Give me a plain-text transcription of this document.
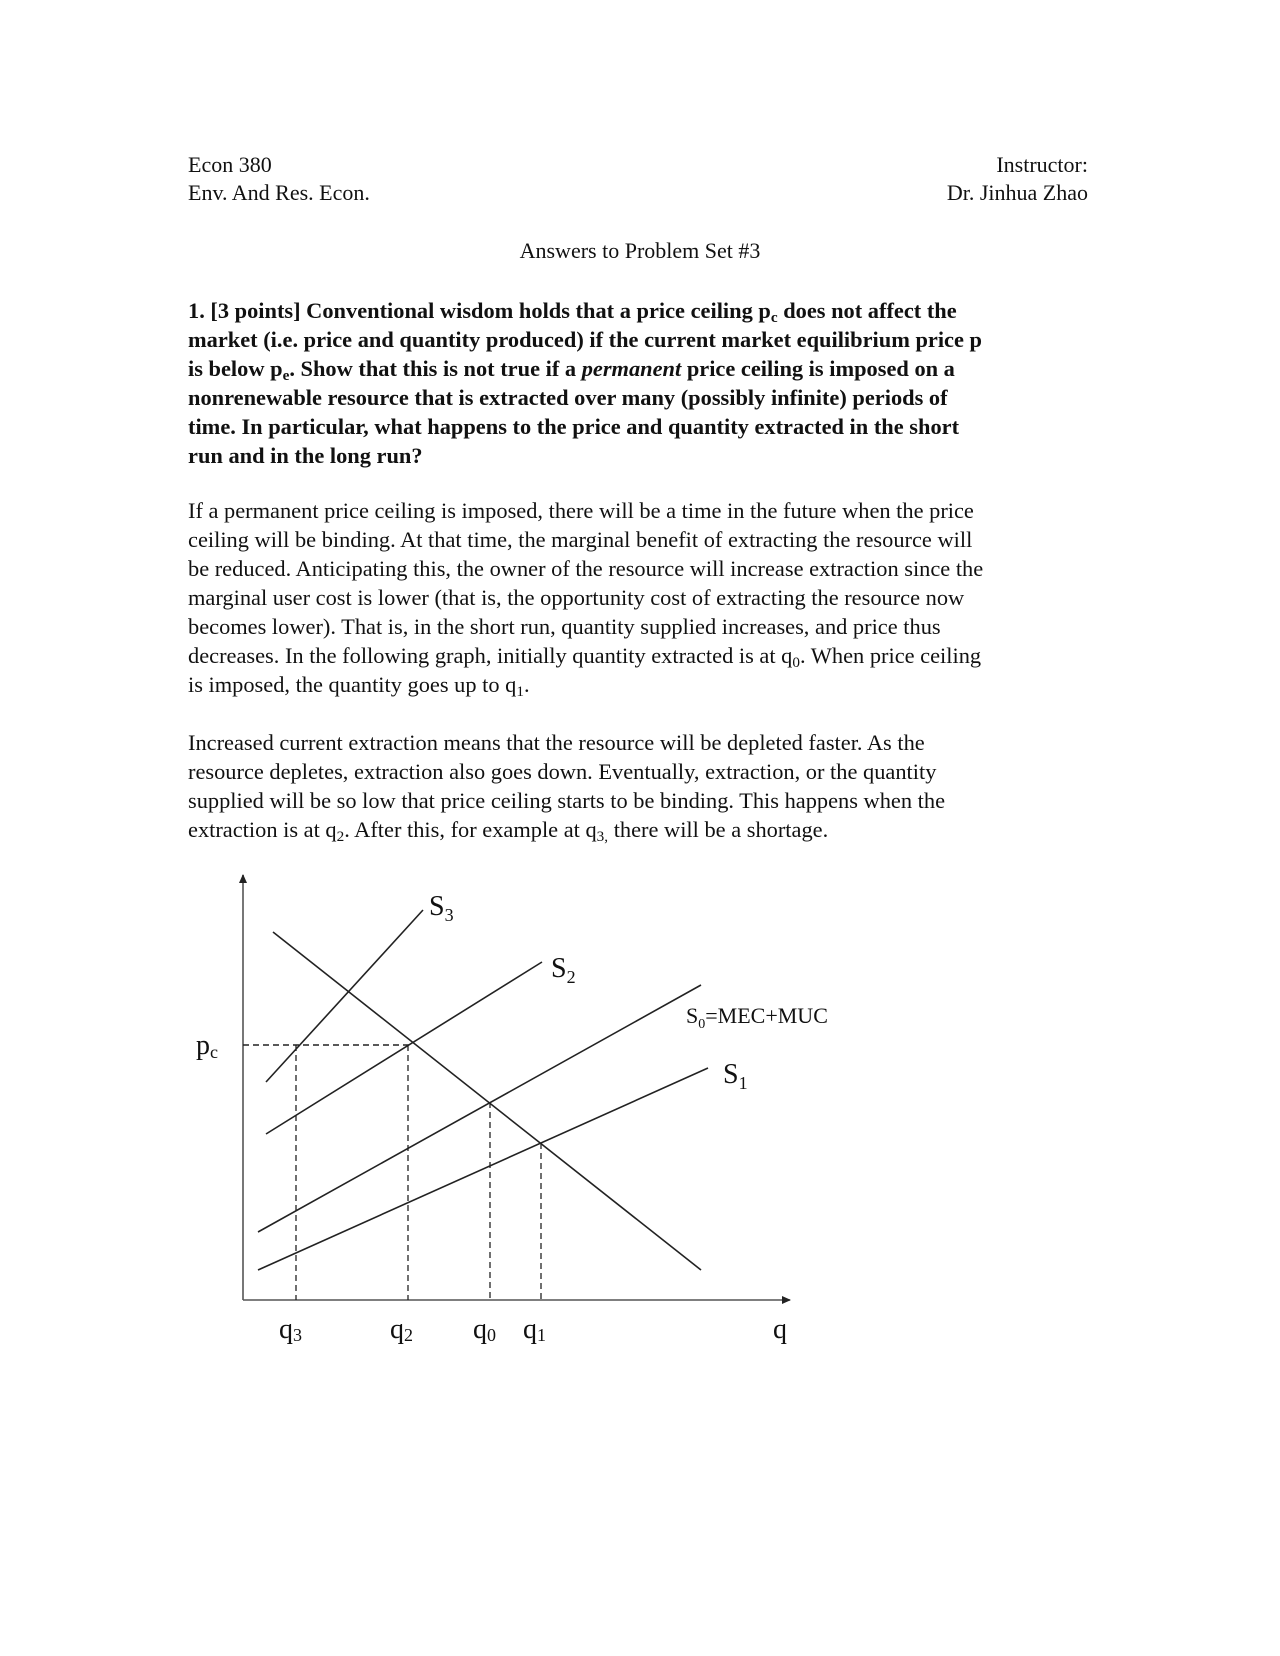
Econ 380
Env. And Res. Econ.
Instructor:
Dr. Jinhua Zhao
Answers to Problem Set #3
1. [3 points] Conventional wisdom holds that a price ceiling $p_c$ does not affect the
market (i.e. price and quantity produced) if the current market equilibrium price p
is below $p_e$. Show that this is not true if a permanent price ceiling is imposed on a
nonrenewable resource that is extracted over many (possibly infinite) periods of
time. In particular, what happens to the price and quantity extracted in the short
run and in the long run?
If a permanent price ceiling is imposed, there will be a time in the future when the price
ceiling will be binding. At that time, the marginal benefit of extracting the resource will
be reduced. Anticipating this, the owner of the resource will increase extraction since the
marginal user cost is lower (that is, the opportunity cost of extracting the resource now
becomes lower). That is, in the short run, quantity supplied increases, and price thus
decreases. In the following graph, initially quantity extracted is at $q_0$. When price ceiling
is imposed, the quantity goes up to $q_1$.
Increased current extraction means that the resource will be depleted faster. As the
resource depletes, extraction also goes down. Eventually, extraction, or the quantity
supplied will be so low that price ceiling starts to be binding. This happens when the
extraction is at $q_2$. After this, for example at $q_{3,}$ there will be a shortage.
pc
$S_3$
$S_2$
$S_0=MEC+MUC$
$S_1$
q3	q2 q0 q1	q
